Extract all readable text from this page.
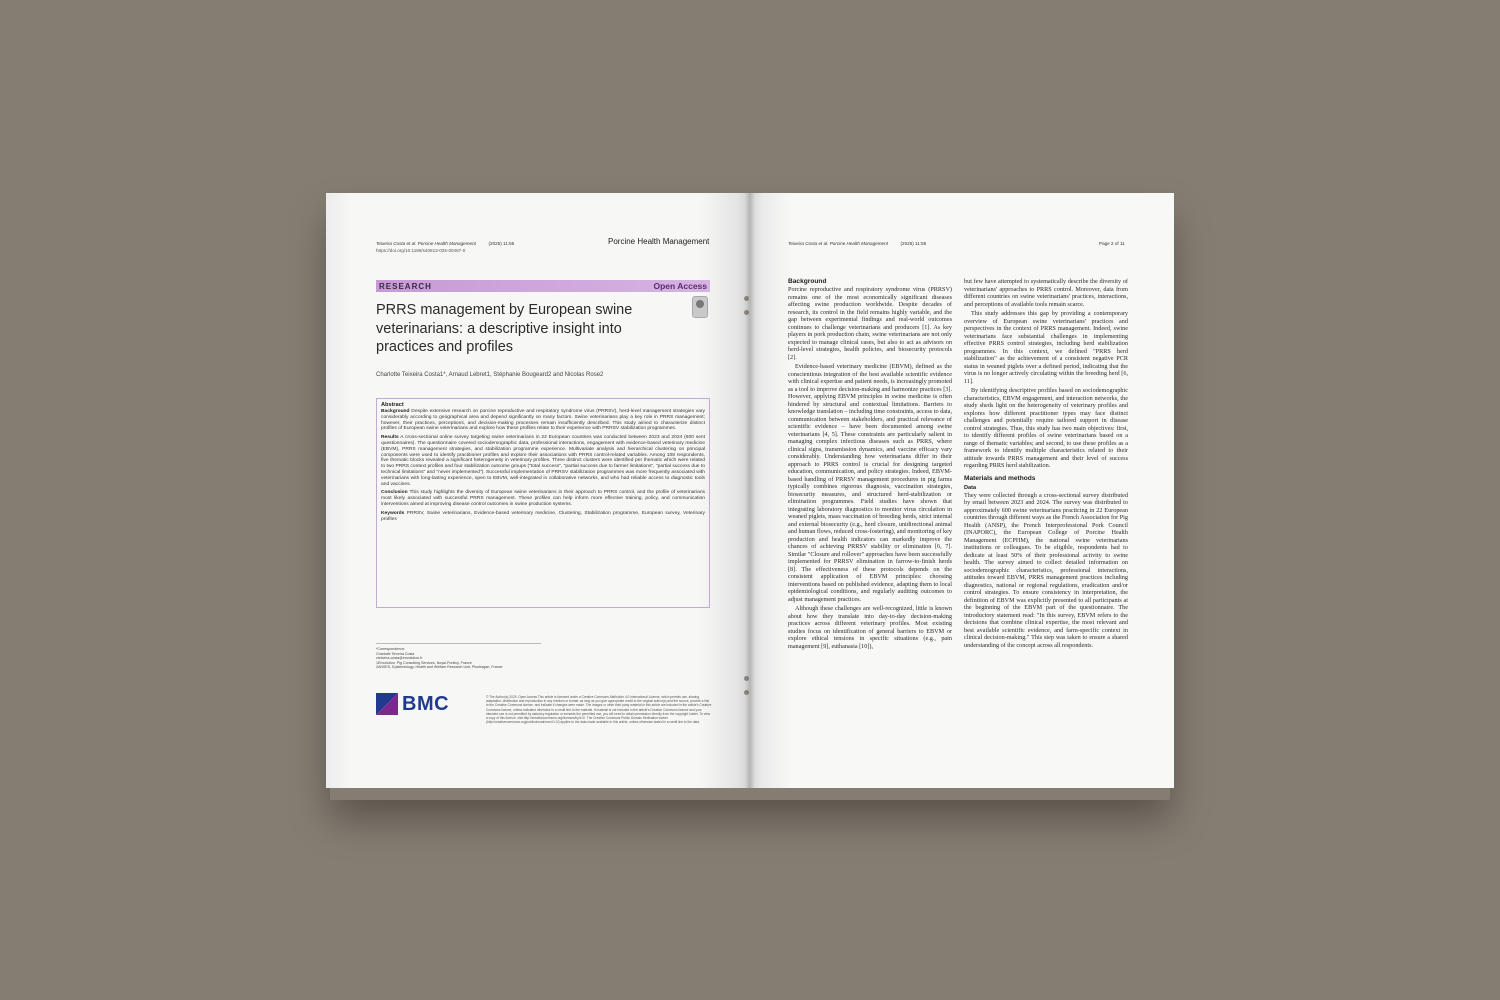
Teixeira Costa et al. Porcine Health Management	(2025) 11:55
https://doi.org/10.1186/s40813-025-00467-0
Porcine Health Management
RESEARCH	Open Access
PRRS management by European swine veterinarians: a descriptive insight into practices and profiles
Charlotte Teixeira Costa1*, Arnaud Lebret1, Stéphanie Bougeard2 and Nicolas Rose2
Abstract

Background Despite extensive research on porcine reproductive and respiratory syndrome virus (PRRSV), herd-level management strategies vary considerably according to geographical area and depend significantly on many factors. Swine veterinarians play a key role in PRRS management; however, their practices, perceptions, and decision-making processes remain insufficiently described. This study aimed to characterize distinct profiles of European swine veterinarians and explore how these profiles relate to their experience with PRRSV stabilization programmes.

Results A cross-sectional online survey targeting swine veterinarians in 22 European countries was conducted between 2023 and 2024 (600 sent questionnaires). The questionnaire covered sociodemographic data, professional interactions, engagement with evidence-based veterinary medicine (EBVM), PRRS management strategies, and stabilization programme experience. Multivariate analysis and hierarchical clustering on principal components were used to identify practitioner profiles and explore their associations with PRRS control-related variables. Among 108 respondents, five thematic blocks revealed a significant heterogeneity in veterinary profiles. Three distinct clusters were identified per thematic which were related to two PRRS context profiles and four stabilization outcome groups ("total success", "partial success due to farmer limitations", "partial success due to technical limitations" and "never implemented"). Successful implementation of PRRSV stabilization programmes was more frequently associated with veterinarians with long-lasting experience, open to EBVM, well-integrated in collaborative networks, and who had reliable access to diagnostic tools and vaccines.

Conclusion This study highlights the diversity of European swine veterinarians in their approach to PRRS control, and the profile of veterinarians most likely associated with successful PRRS management. These profiles can help inform more effective training, policy, and communication interventions aimed at improving disease control outcomes in swine production systems.

Keywords PRRSV, Swine veterinarians, Evidence-based veterinary medicine, Clustering, Stabilization programme, European survey, Veterinary profiles

*Correspondence:
Charlotte Teixeira Costa
cteixeira-costa@envolution.fr
1Envolution, Pig Consulting Services, Noyal-Pontivy, France
2ANSES, Epidemiology, Health and Welfare Research Unit, Ploufragan, France
BMC	© The Author(s) 2025. Open Access This article is licensed under a Creative Commons Attribution 4.0 International License, which permits use, sharing, adaptation, distribution and reproduction in any medium or format, as long as you give appropriate credit to the original author(s) and the source, provide a link to the Creative Commons licence, and indicate if changes were made. The images or other third party material in this article are included in the article's Creative Commons licence, unless indicated otherwise in a credit line to the material. If material is not included in the article's Creative Commons licence and your intended use is not permitted by statutory regulation or exceeds the permitted use, you will need to obtain permission directly from the copyright holder. To view a copy of this licence, visit http://creativecommons.org/licenses/by/4.0/. The Creative Commons Public Domain Dedication waiver (http://creativecommons.org/publicdomain/zero/1.0/) applies to the data made available in this article, unless otherwise stated in a credit line to the data.
Teixeira Costa et al. Porcine Health Management	(2025) 11:55	Page 2 of 11
Background

Porcine reproductive and respiratory syndrome virus (PRRSV) remains one of the most economically significant diseases affecting swine production worldwide. Despite decades of research, its control in the field remains highly variable, and the gap between experimental findings and real-world outcomes continues to challenge veterinarians and producers [1]. As key players in pork production chain, swine veterinarians are not only expected to manage clinical cases, but also to act as advisors on herd-level strategies, health policies, and biosecurity protocols [2].

Evidence-based veterinary medicine (EBVM), defined as the conscientious integration of the best available scientific evidence with clinical expertise and patient needs, is increasingly promoted as a tool to improve decision-making and harmonize practices [3]. However, applying EBVM principles in swine medicine is often hindered by structural and contextual limitations. Barriers to knowledge translation – including time constraints, access to data, communication between stakeholders, and practical relevance of scientific evidence – have been documented among swine veterinarians [4, 5]. These constraints are particularly salient in managing complex infectious diseases such as PRRS, where clinical signs, transmission dynamics, and vaccine efficacy vary considerably. Understanding how veterinarians differ in their approach to PRRS control is crucial for designing targeted education, communication, and policy strategies. Indeed, EBVM-based handling of PRRSV management procedures in pig farms typically combines rigorous diagnosis, vaccination strategies, biosecurity measures, and structured herd-stabilization or elimination programmes. Field studies have shown that integrating laboratory diagnostics to monitor virus circulation in weaned piglets, mass vaccination of breeding herds, strict internal and external biosecurity (e.g., herd closure, unidirectional animal and human flows, reduced cross-fostering), and monitoring of key production and health indicators can markedly improve the chances of achieving PRRSV stability or elimination [6, 7]. Similar "Closure and rollover" approaches have been successfully implemented for PRRSV elimination in farrow-to-finish herds [8]. The effectiveness of these protocols depends on the consistent application of EBVM principles: choosing interventions based on published evidence, adapting them to local epidemiological conditions, and regularly auditing outcomes to adjust management practices.

Although these challenges are well-recognized, little is known about how they translate into day-to-day decision-making practices across different veterinary profiles. Most existing studies focus on identification of general barriers to EBVM or explore ethical tensions in specific situations (e.g., pain management [9], euthanasia [10]),

but few have attempted to systematically describe the diversity of veterinarians' approaches to PRRS control. Moreover, data from different countries on swine veterinarians' practices, interactions, and perceptions of available tools remain scarce.

This study addresses this gap by providing a contemporary overview of European swine veterinarians' practices and perspectives in the context of PRRS management. Indeed, swine veterinarians face substantial challenges in implementing effective PRRS control strategies, including herd stabilization programmes. In this context, we defined "PRRS herd stabilization" as the achievement of a consistent negative PCR status in weaned piglets over a defined period, indicating that the virus is no longer actively circulating within the breeding herd [6, 11].

By identifying descriptive profiles based on sociodemographic characteristics, EBVM engagement, and interaction networks, the study sheds light on the heterogeneity of veterinary profiles and explores how different practitioner types may face distinct challenges and potentially require tailored support in disease control strategies. Thus, this study has two main objectives: first, to identify different profiles of swine veterinarians based on a range of thematic variables; and second, to use these profiles as a framework to identify multiple characteristics related to their attitude towards PRRS management and their level of success regarding PRRS herd stabilization.

Materials and methods
Data

They were collected through a cross-sectional survey distributed by email between 2023 and 2024. The survey was distributed to approximately 600 swine veterinarians practicing in 22 European countries through different ways as the French Association for Pig Health (ANSP), the French Interprofessional Pork Council (INAPORC), the European College of Porcine Health Management (ECPHM), the national swine veterinarians institutions or colleagues. To be eligible, respondents had to dedicate at least 50% of their professional activity to swine health. The survey aimed to collect detailed information on sociodemographic characteristics, professional interactions, attitudes toward EBVM, PRRS management practices including diagnostics, national or regional regulations, eradication and/or control strategies. To ensure consistency in interpretation, the definition of EBVM was explicitly presented to all participants at the beginning of the EBVM part of the questionnaire. The introductory statement read: "In this survey, EBVM refers to the decisions that combine clinical expertise, the most relevant and best available scientific evidence, and farm-specific context in clinical decision-making." This step was taken to ensure a shared understanding of the concept across all respondents.
